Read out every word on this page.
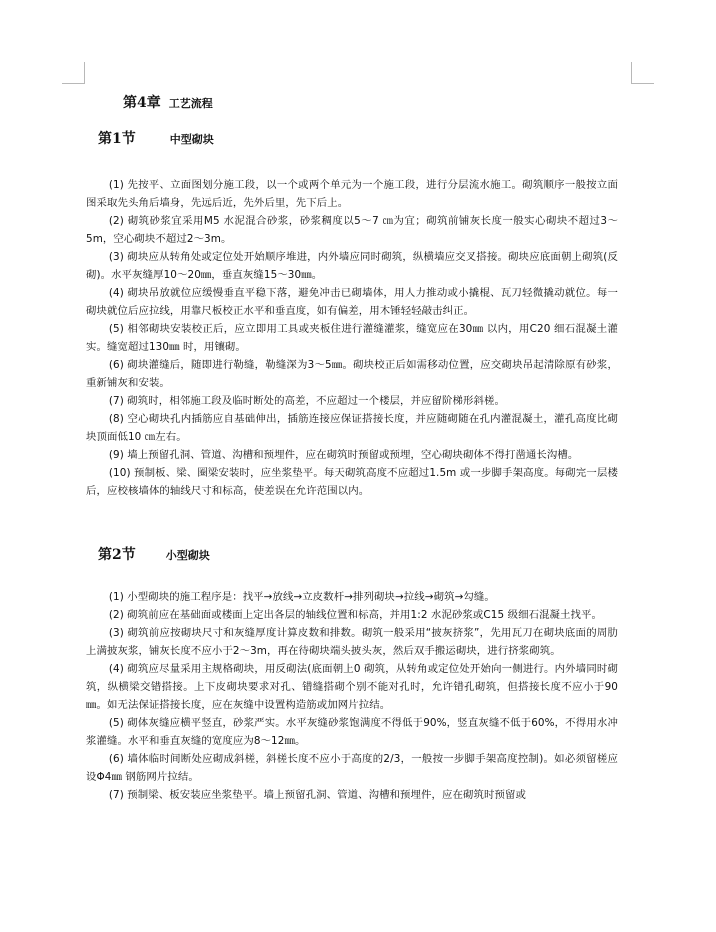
第4章 工艺流程
第1节	中型砌块

(1) 先按平、立面图划分施工段，以一个或两个单元为一个施工段，进行分层流水施工。砌筑顺序一般按立面图采取先头角后墙身，先远后近，先外后里，先下后上。

(2) 砌筑砂浆宜采用M5 水泥混合砂浆，砂浆稠度以5～7 ㎝为宜；砌筑前铺灰长度一般实心砌块不超过3～5m，空心砌块不超过2～3m。

(3) 砌块应从转角处或定位处开始顺序堆进，内外墙应同时砌筑，纵横墙应交叉搭接。砌块应底面朝上砌筑(反砌)。水平灰缝厚10～20㎜，垂直灰缝15～30㎜。

(4) 砌块吊放就位应缓慢垂直平稳下落，避免冲击已砌墙体，用人力推动或小撬棍、瓦刀轻微撬动就位。每一砌块就位后应拉线，用靠尺板校正水平和垂直度，如有偏差，用木锤轻轻敲击纠正。

(5) 相邻砌块安装校正后，应立即用工具或夹板住进行灌缝灌浆，缝宽应在30㎜ 以内，用C20 细石混凝土灌实。缝宽超过130㎜ 时，用镶砌。

(6) 砌块灌缝后，随即进行勒缝，勒缝深为3～5㎜。砌块校正后如需移动位置，应交砌块吊起清除原有砂浆，重新铺灰和安装。

(7) 砌筑时，相邻施工段及临时断处的高差，不应超过一个楼层，并应留阶梯形斜槎。

(8) 空心砌块孔内插筋应自基础伸出，插筋连接应保证搭接长度，并应随砌随在孔内灌混凝土，灌孔高度比砌块顶面低10 ㎝左右。

(9) 墙上预留孔洞、管道、沟槽和预埋件，应在砌筑时预留或预埋，空心砌块砌体不得打凿通长沟槽。

(10) 预制板、梁、圈梁安装时，应坐浆垫平。每天砌筑高度不应超过1.5m 或一步脚手架高度。每砌完一层楼后，应校核墙体的轴线尺寸和标高，使差误在允许范围以内。

第2节	小型砌块

(1) 小型砌块的施工程序是：找平→放线→立皮数杆→排列砌块→拉线→砌筑→勾缝。

(2) 砌筑前应在基础面或楼面上定出各层的轴线位置和标高，并用1:2 水泥砂浆或C15 级细石混凝土找平。

(3) 砌筑前应按砌块尺寸和灰缝厚度计算皮数和排数。砌筑一般采用“披灰挤浆”，先用瓦刀在砌块底面的周肋上满披灰浆，铺灰长度不应小于2～3m，再在待砌块端头披头灰，然后双手搬运砌块，进行挤浆砌筑。

(4) 砌筑应尽量采用主规格砌块，用反砌法(底面朝上0 砌筑，从转角或定位处开始向一侧进行。内外墙同时砌筑，纵横梁交错搭接。上下皮砌块要求对孔、错缝搭砌个别不能对孔时，允许错孔砌筑，但搭接长度不应小于90㎜。如无法保证搭接长度，应在灰缝中设置构造筋或加网片拉结。

(5) 砌体灰缝应横平竖直，砂浆严实。水平灰缝砂浆饱满度不得低于90%，竖直灰缝不低于60%，不得用水冲浆灌缝。水平和垂直灰缝的宽度应为8～12㎜。

(6) 墙体临时间断处应砌成斜槎，斜槎长度不应小于高度的2/3，一般按一步脚手架高度控制)。如必须留槎应设Φ4㎜ 钢筋网片拉结。

(7) 预制梁、板安装应坐浆垫平。墙上预留孔洞、管道、沟槽和预埋件，应在砌筑时预留或
